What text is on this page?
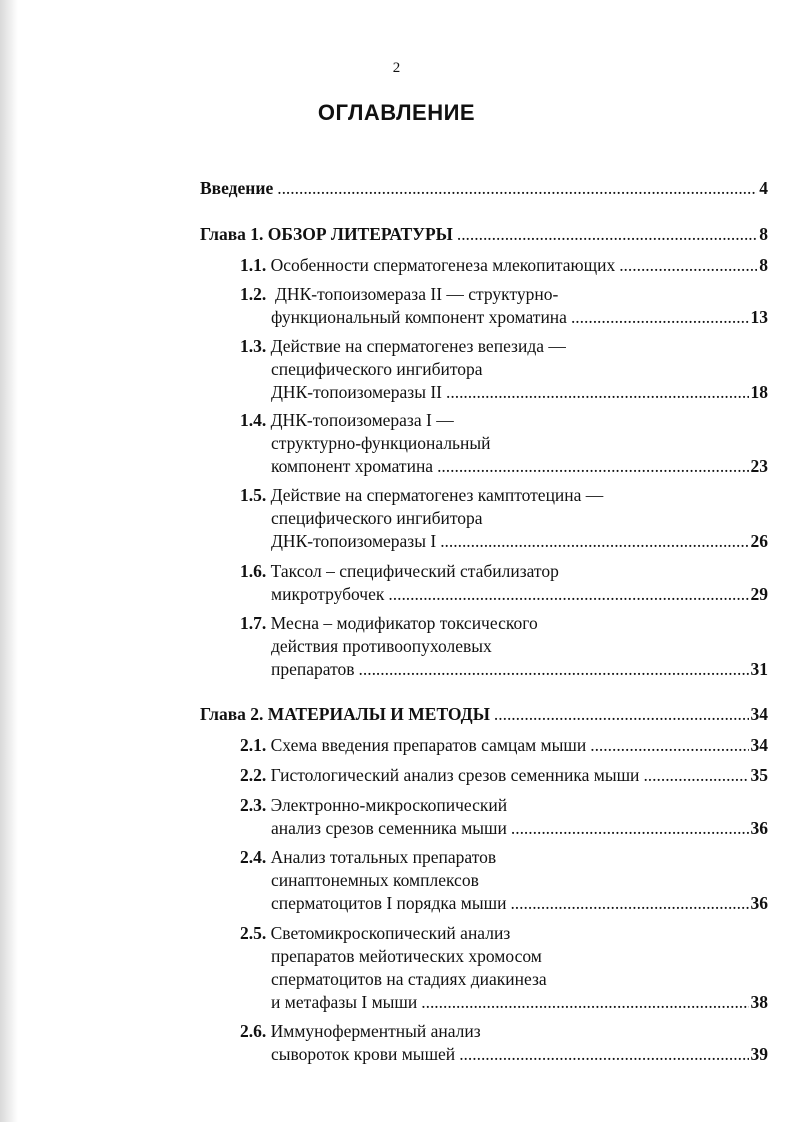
2
ОГЛАВЛЕНИЕ
Введение . . .	4
Глава 1. ОБЗОР ЛИТЕРАТУРЫ . . .	8
1.1. Особенности сперматогенеза млекопитающих . . .	8
1.2. ДНК-топоизомераза II — структурно-
функциональный компонент хроматина . . .	13
1.3. Действие на сперматогенез вепезида —
специфического ингибитора
ДНК-топоизомеразы II . . .	18
1.4. ДНК-топоизомераза I —
структурно-функциональный
компонент хроматина . . .	23
1.5. Действие на сперматогенез камптотецина —
специфического ингибитора
ДНК-топоизомеразы I . . .	26
1.6. Таксол – специфический стабилизатор
микротрубочек . . .	29
1.7. Месна – модификатор токсического
действия противоопухолевых
препаратов . . .	31
Глава 2. МАТЕРИАЛЫ И МЕТОДЫ . . .	34
2.1. Схема введения препаратов самцам мыши . . .	34
2.2. Гистологический анализ срезов семенника мыши . . .	35
2.3. Электронно-микроскопический
анализ срезов семенника мыши . . .	36
2.4. Анализ тотальных препаратов
синаптонемных комплексов
сперматоцитов I порядка мыши . . .	36
2.5. Светомикроскопический анализ
препаратов мейотических хромосом
сперматоцитов на стадиях диакинеза
и метафазы I мыши . . .	38
2.6. Иммуноферментный анализ
сывороток крови мышей . . .	39
